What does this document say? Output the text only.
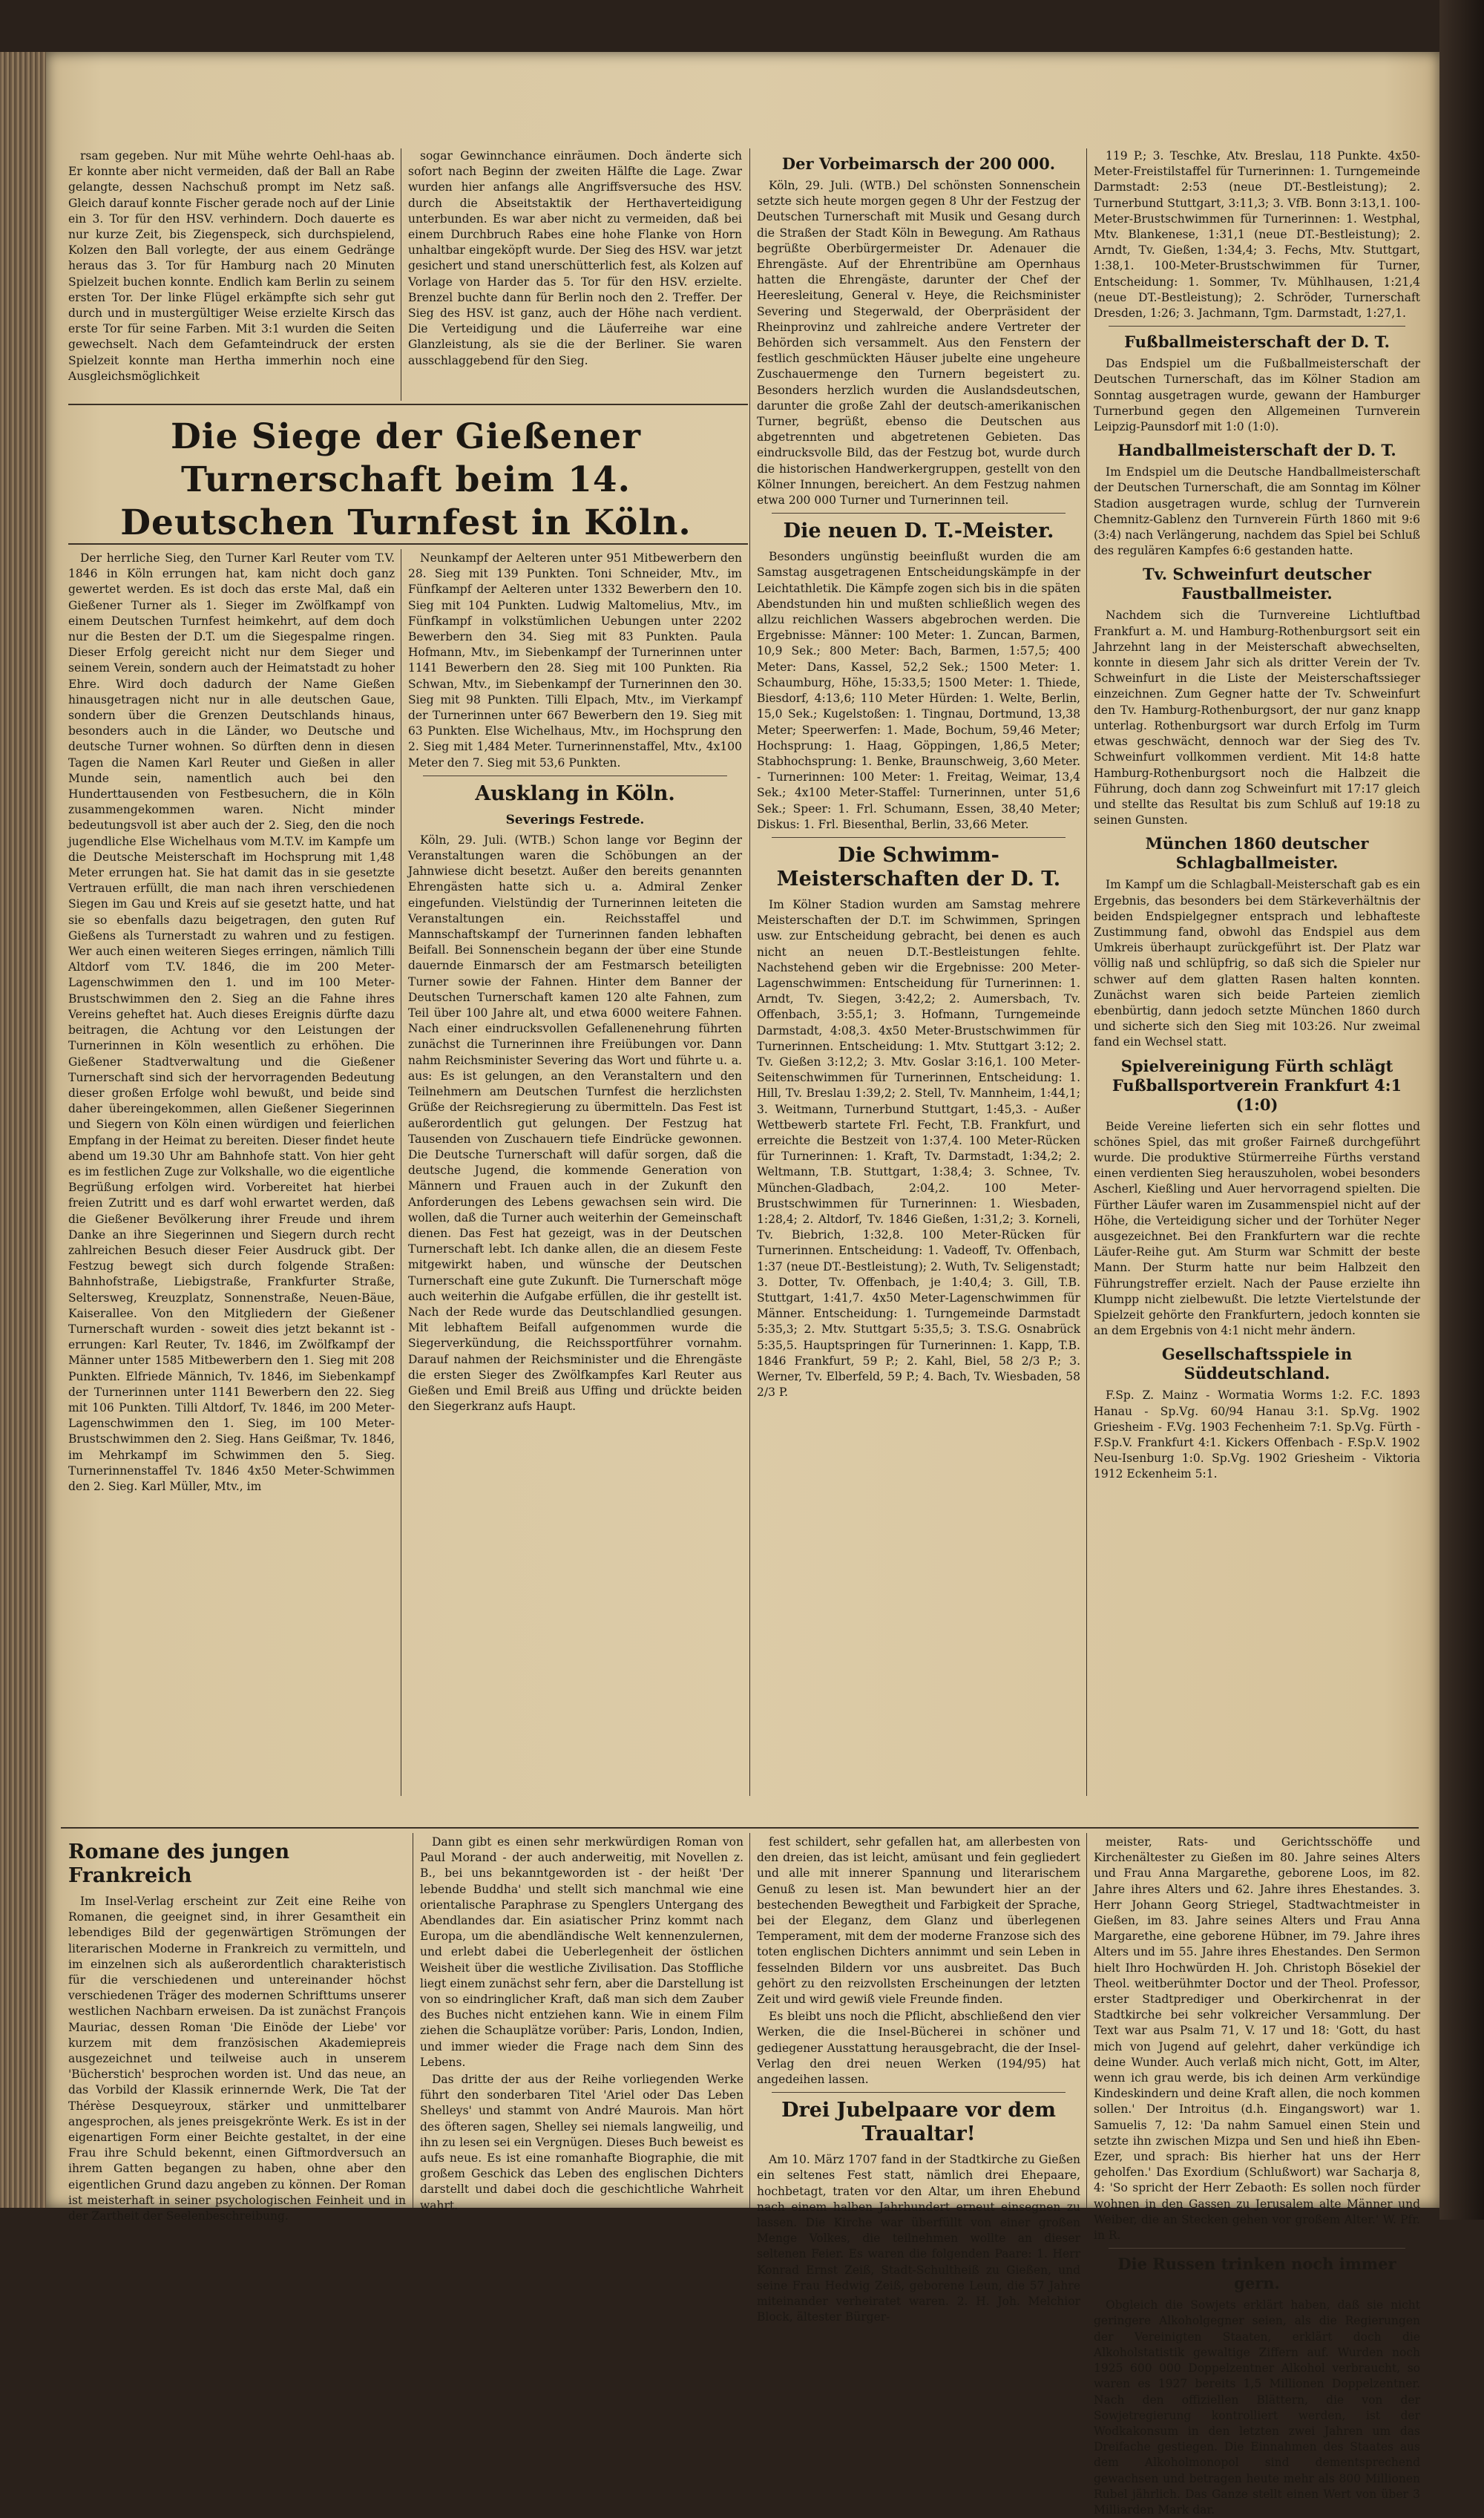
rsam gegeben. Nur mit Mühe wehrte Oehl-haas ab. Er konnte aber nicht vermeiden, daß der Ball an Rabe gelangte, dessen Nachschuß prompt im Netz saß. Gleich darauf konnte Fischer gerade noch auf der Linie ein 3. Tor für den HSV. verhindern. Doch dauerte es nur kurze Zeit, bis Ziegenspeck, sich durchspielend, Kolzen den Ball vorlegte, der aus einem Gedränge heraus das 3. Tor für Hamburg nach 20 Minuten Spielzeit buchen konnte. Endlich kam Berlin zu seinem ersten Tor. Der linke Flügel erkämpfte sich sehr gut durch und in mustergültiger Weise erzielte Kirsch das erste Tor für seine Farben. Mit 3:1 wurden die Seiten gewechselt. Nach dem Gefamteindruck der ersten Spielzeit konnte man Hertha immerhin noch eine Ausgleichsmöglichkeit

sogar Gewinnchance einräumen. Doch änderte sich sofort nach Beginn der zweiten Hälfte die Lage. Zwar wurden hier anfangs alle Angriffsversuche des HSV. durch die Abseitstaktik der Herthaverteidigung unterbunden. Es war aber nicht zu vermeiden, daß bei einem Durchbruch Rabes eine hohe Flanke von Horn unhaltbar eingeköpft wurde. Der Sieg des HSV. war jetzt gesichert und stand unerschütterlich fest, als Kolzen auf Vorlage von Harder das 5. Tor für den HSV. erzielte. Brenzel buchte dann für Berlin noch den 2. Treffer. Der Sieg des HSV. ist ganz, auch der Höhe nach verdient. Die Verteidigung und die Läuferreihe war eine Glanzleistung, als sie die der Berliner. Sie waren ausschlaggebend für den Sieg.

Die Siege der Gießener Turnerschaft beim 14. Deutschen Turnfest in Köln.

Der herrliche Sieg, den Turner Karl Reuter vom T.V. 1846 in Köln errungen hat, kam nicht doch ganz gewertet werden. Es ist doch das erste Mal, daß ein Gießener Turner als 1. Sieger im Zwölfkampf von einem Deutschen Turnfest heimkehrt, auf dem doch nur die Besten der D.T. um die Siegespalme ringen. Dieser Erfolg gereicht nicht nur dem Sieger und seinem Verein, sondern auch der Heimatstadt zu hoher Ehre. Wird doch dadurch der Name Gießen hinausgetragen nicht nur in alle deutschen Gaue, sondern über die Grenzen Deutschlands hinaus, besonders auch in die Länder, wo Deutsche und deutsche Turner wohnen. So dürften denn in diesen Tagen die Namen Karl Reuter und Gießen in aller Munde sein, namentlich auch bei den Hunderttausenden von Festbesuchern, die in Köln zusammengekommen waren. Nicht minder bedeutungsvoll ist aber auch der 2. Sieg, den die noch jugendliche Else Wichelhaus vom M.T.V. im Kampfe um die Deutsche Meisterschaft im Hochsprung mit 1,48 Meter errungen hat. Sie hat damit das in sie gesetzte Vertrauen erfüllt, die man nach ihren verschiedenen Siegen im Gau und Kreis auf sie gesetzt hatte, und hat sie so ebenfalls dazu beigetragen, den guten Ruf Gießens als Turnerstadt zu wahren und zu festigen. Wer auch einen weiteren Sieges erringen, nämlich Tilli Altdorf vom T.V. 1846, die im 200 Meter-Lagenschwimmen den 1. und im 100 Meter-Brustschwimmen den 2. Sieg an die Fahne ihres Vereins geheftet hat. Auch dieses Ereignis dürfte dazu beitragen, die Achtung vor den Leistungen der Turnerinnen in Köln wesentlich zu erhöhen. Die Gießener Stadtverwaltung und die Gießener Turnerschaft sind sich der hervorragenden Bedeutung dieser großen Erfolge wohl bewußt, und beide sind daher übereingekommen, allen Gießener Siegerinnen und Siegern von Köln einen würdigen und feierlichen Empfang in der Heimat zu bereiten. Dieser findet heute abend um 19.30 Uhr am Bahnhofe statt. Von hier geht es im festlichen Zuge zur Volkshalle, wo die eigentliche Begrüßung erfolgen wird. Vorbereitet hat hierbei freien Zutritt und es darf wohl erwartet werden, daß die Gießener Bevölkerung ihrer Freude und ihrem Danke an ihre Siegerinnen und Siegern durch recht zahlreichen Besuch dieser Feier Ausdruck gibt. Der Festzug bewegt sich durch folgende Straßen: Bahnhofstraße, Liebigstraße, Frankfurter Straße, Seltersweg, Kreuzplatz, Sonnenstraße, Neuen-Bäue, Kaiserallee. Von den Mitgliedern der Gießener Turnerschaft wurden - soweit dies jetzt bekannt ist - errungen: Karl Reuter, Tv. 1846, im Zwölfkampf der Männer unter 1585 Mitbewerbern den 1. Sieg mit 208 Punkten. Elfriede Männich, Tv. 1846, im Siebenkampf der Turnerinnen unter 1141 Bewerbern den 22. Sieg mit 106 Punkten. Tilli Altdorf, Tv. 1846, im 200 Meter-Lagenschwimmen den 1. Sieg, im 100 Meter-Brustschwimmen den 2. Sieg. Hans Geißmar, Tv. 1846, im Mehrkampf im Schwimmen den 5. Sieg. Turnerinnenstaffel Tv. 1846 4x50 Meter-Schwimmen den 2. Sieg. Karl Müller, Mtv., im

Neunkampf der Aelteren unter 951 Mitbewerbern den 28. Sieg mit 139 Punkten. Toni Schneider, Mtv., im Fünfkampf der Aelteren unter 1332 Bewerbern den 10. Sieg mit 104 Punkten. Ludwig Maltomelius, Mtv., im Fünfkampf in volkstümlichen Uebungen unter 2202 Bewerbern den 34. Sieg mit 83 Punkten. Paula Hofmann, Mtv., im Siebenkampf der Turnerinnen unter 1141 Bewerbern den 28. Sieg mit 100 Punkten. Ria Schwan, Mtv., im Siebenkampf der Turnerinnen den 30. Sieg mit 98 Punkten. Tilli Elpach, Mtv., im Vierkampf der Turnerinnen unter 667 Bewerbern den 19. Sieg mit 63 Punkten. Else Wichelhaus, Mtv., im Hochsprung den 2. Sieg mit 1,484 Meter. Turnerinnenstaffel, Mtv., 4x100 Meter den 7. Sieg mit 53,6 Punkten.

Ausklang in Köln.
Severings Festrede.

Köln, 29. Juli. (WTB.) Schon lange vor Beginn der Veranstaltungen waren die Schöbungen an der Jahnwiese dicht besetzt. Außer den bereits genannten Ehrengästen hatte sich u. a. Admiral Zenker eingefunden. Vielstündig der Turnerinnen leiteten die Veranstaltungen ein. Reichsstaffel und Mannschaftskampf der Turnerinnen fanden lebhaften Beifall. Bei Sonnenschein begann der über eine Stunde dauernde Einmarsch der am Festmarsch beteiligten Turner sowie der Fahnen. Hinter dem Banner der Deutschen Turnerschaft kamen 120 alte Fahnen, zum Teil über 100 Jahre alt, und etwa 6000 weitere Fahnen. Nach einer eindrucksvollen Gefallenenehrung führten zunächst die Turnerinnen ihre Freiübungen vor. Dann nahm Reichsminister Severing das Wort und führte u. a. aus: Es ist gelungen, an den Veranstaltern und den Teilnehmern am Deutschen Turnfest die herzlichsten Grüße der Reichsregierung zu übermitteln. Das Fest ist außerordentlich gut gelungen. Der Festzug hat Tausenden von Zuschauern tiefe Eindrücke gewonnen. Die Deutsche Turnerschaft will dafür sorgen, daß die deutsche Jugend, die kommende Generation von Männern und Frauen auch in der Zukunft den Anforderungen des Lebens gewachsen sein wird. Die wollen, daß die Turner auch weiterhin der Gemeinschaft dienen. Das Fest hat gezeigt, was in der Deutschen Turnerschaft lebt. Ich danke allen, die an diesem Feste mitgewirkt haben, und wünsche der Deutschen Turnerschaft eine gute Zukunft. Die Turnerschaft möge auch weiterhin die Aufgabe erfüllen, die ihr gestellt ist. Nach der Rede wurde das Deutschlandlied gesungen. Mit lebhaftem Beifall aufgenommen wurde die Siegerverkündung, die Reichssportführer vornahm. Darauf nahmen der Reichsminister und die Ehrengäste die ersten Sieger des Zwölfkampfes Karl Reuter aus Gießen und Emil Breiß aus Uffing und drückte beiden den Siegerkranz aufs Haupt.

Der Vorbeimarsch der 200 000.

Köln, 29. Juli. (WTB.) Del schönsten Sonnenschein setzte sich heute morgen gegen 8 Uhr der Festzug der Deutschen Turnerschaft mit Musik und Gesang durch die Straßen der Stadt Köln in Bewegung. Am Rathaus begrüßte Oberbürgermeister Dr. Adenauer die Ehrengäste. Auf der Ehrentribüne am Opernhaus hatten die Ehrengäste, darunter der Chef der Heeresleitung, General v. Heye, die Reichsminister Severing und Stegerwald, der Oberpräsident der Rheinprovinz und zahlreiche andere Vertreter der Behörden sich versammelt. Aus den Fenstern der festlich geschmückten Häuser jubelte eine ungeheure Zuschauermenge den Turnern begeistert zu. Besonders herzlich wurden die Auslandsdeutschen, darunter die große Zahl der deutsch-amerikanischen Turner, begrüßt, ebenso die Deutschen aus abgetrennten und abgetretenen Gebieten. Das eindrucksvolle Bild, das der Festzug bot, wurde durch die historischen Handwerkergruppen, gestellt von den Kölner Innungen, bereichert. An dem Festzug nahmen etwa 200 000 Turner und Turnerinnen teil.

Die neuen D. T.-Meister.

Besonders ungünstig beeinflußt wurden die am Samstag ausgetragenen Entscheidungskämpfe in der Leichtathletik. Die Kämpfe zogen sich bis in die späten Abendstunden hin und mußten schließlich wegen des allzu reichlichen Wassers abgebrochen werden. Die Ergebnisse: Männer: 100 Meter: 1. Zuncan, Barmen, 10,9 Sek.; 800 Meter: Bach, Barmen, 1:57,5; 400 Meter: Dans, Kassel, 52,2 Sek.; 1500 Meter: 1. Schaumburg, Höhe, 15:33,5; 1500 Meter: 1. Thiede, Biesdorf, 4:13,6; 110 Meter Hürden: 1. Welte, Berlin, 15,0 Sek.; Kugelstoßen: 1. Tingnau, Dortmund, 13,38 Meter; Speerwerfen: 1. Made, Bochum, 59,46 Meter; Hochsprung: 1. Haag, Göppingen, 1,86,5 Meter; Stabhochsprung: 1. Benke, Braunschweig, 3,60 Meter. - Turnerinnen: 100 Meter: 1. Freitag, Weimar, 13,4 Sek.; 4x100 Meter-Staffel: Turnerinnen, unter 51,6 Sek.; Speer: 1. Frl. Schumann, Essen, 38,40 Meter; Diskus: 1. Frl. Biesenthal, Berlin, 33,66 Meter.

Die Schwimm-Meisterschaften der D. T.

Im Kölner Stadion wurden am Samstag mehrere Meisterschaften der D.T. im Schwimmen, Springen usw. zur Entscheidung gebracht, bei denen es auch nicht an neuen D.T.-Bestleistungen fehlte. Nachstehend geben wir die Ergebnisse: 200 Meter-Lagenschwimmen: Entscheidung für Turnerinnen: 1. Arndt, Tv. Siegen, 3:42,2; 2. Aumersbach, Tv. Offenbach, 3:55,1; 3. Hofmann, Turngemeinde Darmstadt, 4:08,3. 4x50 Meter-Brustschwimmen für Turnerinnen. Entscheidung: 1. Mtv. Stuttgart 3:12; 2. Tv. Gießen 3:12,2; 3. Mtv. Goslar 3:16,1. 100 Meter-Seitenschwimmen für Turnerinnen, Entscheidung: 1. Hill, Tv. Breslau 1:39,2; 2. Stell, Tv. Mannheim, 1:44,1; 3. Weitmann, Turnerbund Stuttgart, 1:45,3. - Außer Wettbewerb startete Frl. Fecht, T.B. Frankfurt, und erreichte die Bestzeit von 1:37,4. 100 Meter-Rücken für Turnerinnen: 1. Kraft, Tv. Darmstadt, 1:34,2; 2. Weltmann, T.B. Stuttgart, 1:38,4; 3. Schnee, Tv. München-Gladbach, 2:04,2. 100 Meter-Brustschwimmen für Turnerinnen: 1. Wiesbaden, 1:28,4; 2. Altdorf, Tv. 1846 Gießen, 1:31,2; 3. Korneli, Tv. Biebrich, 1:32,8. 100 Meter-Rücken für Turnerinnen. Entscheidung: 1. Vadeoff, Tv. Offenbach, 1:37 (neue DT.-Bestleistung); 2. Wuth, Tv. Seligenstadt; 3. Dotter, Tv. Offenbach, je 1:40,4; 3. Gill, T.B. Stuttgart, 1:41,7. 4x50 Meter-Lagenschwimmen für Männer. Entscheidung: 1. Turngemeinde Darmstadt 5:35,3; 2. Mtv. Stuttgart 5:35,5; 3. T.S.G. Osnabrück 5:35,5. Hauptspringen für Turnerinnen: 1. Kapp, T.B. 1846 Frankfurt, 59 P.; 2. Kahl, Biel, 58 2/3 P.; 3. Werner, Tv. Elberfeld, 59 P.; 4. Bach, Tv. Wiesbaden, 58 2/3 P.

119 P.; 3. Teschke, Atv. Breslau, 118 Punkte. 4x50-Meter-Freistilstaffel für Turnerinnen: 1. Turngemeinde Darmstadt: 2:53 (neue DT.-Bestleistung); 2. Turnerbund Stuttgart, 3:11,3; 3. VfB. Bonn 3:13,1. 100-Meter-Brustschwimmen für Turnerinnen: 1. Westphal, Mtv. Blankenese, 1:31,1 (neue DT.-Bestleistung); 2. Arndt, Tv. Gießen, 1:34,4; 3. Fechs, Mtv. Stuttgart, 1:38,1. 100-Meter-Brustschwimmen für Turner, Entscheidung: 1. Sommer, Tv. Mühlhausen, 1:21,4 (neue DT.-Bestleistung); 2. Schröder, Turnerschaft Dresden, 1:26; 3. Jachmann, Tgm. Darmstadt, 1:27,1.

Fußballmeisterschaft der D. T.

Das Endspiel um die Fußballmeisterschaft der Deutschen Turnerschaft, das im Kölner Stadion am Sonntag ausgetragen wurde, gewann der Hamburger Turnerbund gegen den Allgemeinen Turnverein Leipzig-Paunsdorf mit 1:0 (1:0).

Handballmeisterschaft der D. T.

Im Endspiel um die Deutsche Handballmeisterschaft der Deutschen Turnerschaft, die am Sonntag im Kölner Stadion ausgetragen wurde, schlug der Turnverein Chemnitz-Gablenz den Turnverein Fürth 1860 mit 9:6 (3:4) nach Verlängerung, nachdem das Spiel bei Schluß des regulären Kampfes 6:6 gestanden hatte.

Tv. Schweinfurt deutscher Faustballmeister.

Nachdem sich die Turnvereine Lichtluftbad Frankfurt a. M. und Hamburg-Rothenburgsort seit ein Jahrzehnt lang in der Meisterschaft abwechselten, konnte in diesem Jahr sich als dritter Verein der Tv. Schweinfurt in die Liste der Meisterschaftssieger einzeichnen. Zum Gegner hatte der Tv. Schweinfurt den Tv. Hamburg-Rothenburgsort, der nur ganz knapp unterlag. Rothenburgsort war durch Erfolg im Turm etwas geschwächt, dennoch war der Sieg des Tv. Schweinfurt vollkommen verdient. Mit 14:8 hatte Hamburg-Rothenburgsort noch die Halbzeit die Führung, doch dann zog Schweinfurt mit 17:17 gleich und stellte das Resultat bis zum Schluß auf 19:18 zu seinen Gunsten.

München 1860 deutscher Schlagballmeister.

Im Kampf um die Schlagball-Meisterschaft gab es ein Ergebnis, das besonders bei dem Stärkeverhältnis der beiden Endspielgegner entsprach und lebhafteste Zustimmung fand, obwohl das Endspiel aus dem Umkreis überhaupt zurückgeführt ist. Der Platz war völlig naß und schlüpfrig, so daß sich die Spieler nur schwer auf dem glatten Rasen halten konnten. Zunächst waren sich beide Parteien ziemlich ebenbürtig, dann jedoch setzte München 1860 durch und sicherte sich den Sieg mit 103:26. Nur zweimal fand ein Wechsel statt.

Spielvereinigung Fürth schlägt Fußballsportverein Frankfurt 4:1 (1:0)

Beide Vereine lieferten sich ein sehr flottes und schönes Spiel, das mit großer Fairneß durchgeführt wurde. Die produktive Stürmerreihe Fürths verstand einen verdienten Sieg herauszuholen, wobei besonders Ascherl, Kießling und Auer hervorragend spielten. Die Fürther Läufer waren im Zusammenspiel nicht auf der Höhe, die Verteidigung sicher und der Torhüter Neger ausgezeichnet. Bei den Frankfurtern war die rechte Läufer-Reihe gut. Am Sturm war Schmitt der beste Mann. Der Sturm hatte nur beim Halbzeit den Führungstreffer erzielt. Nach der Pause erzielte ihn Klumpp nicht zielbewußt. Die letzte Viertelstunde der Spielzeit gehörte den Frankfurtern, jedoch konnten sie an dem Ergebnis von 4:1 nicht mehr ändern.

Gesellschaftsspiele in Süddeutschland.

F.Sp. Z. Mainz - Wormatia Worms 1:2. F.C. 1893 Hanau - Sp.Vg. 60/94 Hanau 3:1. Sp.Vg. 1902 Griesheim - F.Vg. 1903 Fechenheim 7:1. Sp.Vg. Fürth - F.Sp.V. Frankfurt 4:1. Kickers Offenbach - F.Sp.V. 1902 Neu-Isenburg 1:0. Sp.Vg. 1902 Griesheim - Viktoria 1912 Eckenheim 5:1.

Romane des jungen Frankreich

Im Insel-Verlag erscheint zur Zeit eine Reihe von Romanen, die geeignet sind, in ihrer Gesamtheit ein lebendiges Bild der gegenwärtigen Strömungen der literarischen Moderne in Frankreich zu vermitteln, und im einzelnen sich als außerordentlich charakteristisch für die verschiedenen und untereinander höchst verschiedenen Träger des modernen Schrifttums unserer westlichen Nachbarn erweisen. Da ist zunächst François Mauriac, dessen Roman 'Die Einöde der Liebe' vor kurzem mit dem französischen Akademiepreis ausgezeichnet und teilweise auch in unserem 'Bücherstich' besprochen worden ist. Und das neue, an das Vorbild der Klassik erinnernde Werk, Die Tat der Thérèse Desqueyroux, stärker und unmittelbarer angesprochen, als jenes preisgekrönte Werk. Es ist in der eigenartigen Form einer Beichte gestaltet, in der eine Frau ihre Schuld bekennt, einen Giftmordversuch an ihrem Gatten begangen zu haben, ohne aber den eigentlichen Grund dazu angeben zu können. Der Roman ist meisterhaft in seiner psychologischen Feinheit und in der Zartheit der Seelenbeschreibung.

Dann gibt es einen sehr merkwürdigen Roman von Paul Morand - der auch anderweitig, mit Novellen z. B., bei uns bekanntgeworden ist - der heißt 'Der lebende Buddha' und stellt sich manchmal wie eine orientalische Paraphrase zu Spenglers Untergang des Abendlandes dar. Ein asiatischer Prinz kommt nach Europa, um die abendländische Welt kennenzulernen, und erlebt dabei die Ueberlegenheit der östlichen Weisheit über die westliche Zivilisation. Das Stoffliche liegt einem zunächst sehr fern, aber die Darstellung ist von so eindringlicher Kraft, daß man sich dem Zauber des Buches nicht entziehen kann. Wie in einem Film ziehen die Schauplätze vorüber: Paris, London, Indien, und immer wieder die Frage nach dem Sinn des Lebens.

Das dritte der aus der Reihe vorliegenden Werke führt den sonderbaren Titel 'Ariel oder Das Leben Shelleys' und stammt von André Maurois. Man hört des öfteren sagen, Shelley sei niemals langweilig, und ihn zu lesen sei ein Vergnügen. Dieses Buch beweist es aufs neue. Es ist eine romanhafte Biographie, die mit großem Geschick das Leben des englischen Dichters darstellt und dabei doch die geschichtliche Wahrheit wahrt.

fest schildert, sehr gefallen hat, am allerbesten von den dreien, das ist leicht, amüsant und fein gegliedert und alle mit innerer Spannung und literarischem Genuß zu lesen ist. Man bewundert hier an der bestechenden Bewegtheit und Farbigkeit der Sprache, bei der Eleganz, dem Glanz und überlegenen Temperament, mit dem der moderne Franzose sich des toten englischen Dichters annimmt und sein Leben in fesselnden Bildern vor uns ausbreitet. Das Buch gehört zu den reizvollsten Erscheinungen der letzten Zeit und wird gewiß viele Freunde finden.

Es bleibt uns noch die Pflicht, abschließend den vier Werken, die die Insel-Bücherei in schöner und gediegener Ausstattung herausgebracht, die der Insel-Verlag den drei neuen Werken (194/95) hat angedeihen lassen.

Drei Jubelpaare vor dem Traualtar!

Am 10. März 1707 fand in der Stadtkirche zu Gießen ein seltenes Fest statt, nämlich drei Ehepaare, hochbetagt, traten vor den Altar, um ihren Ehebund nach einem halben Jahrhundert erneut einsegnen zu lassen. Die Kirche war überfüllt von einer großen Menge Volkes, die teilnehmen wollte an dieser seltenen Feier. Es waren die folgenden Paare: 1. Herr Konrad Ernst Zeiß, Stadt-Schultheiß zu Gießen, und seine Frau Hedwig Zeiß, geborene Leun, die 57 Jahre miteinander verheiratet waren. 2. H. Joh. Melchior Block, ältester Bürger-

meister, Rats- und Gerichtsschöffe und Kirchenältester zu Gießen im 80. Jahre seines Alters und Frau Anna Margarethe, geborene Loos, im 82. Jahre ihres Alters und 62. Jahre ihres Ehestandes. 3. Herr Johann Georg Striegel, Stadtwachtmeister in Gießen, im 83. Jahre seines Alters und Frau Anna Margarethe, eine geborene Hübner, im 79. Jahre ihres Alters und im 55. Jahre ihres Ehestandes. Den Sermon hielt Ihro Hochwürden H. Joh. Christoph Bösekiel der Theol. weitberühmter Doctor und der Theol. Professor, erster Stadtprediger und Oberkirchenrat in der Stadtkirche bei sehr volkreicher Versammlung. Der Text war aus Psalm 71, V. 17 und 18: 'Gott, du hast mich von Jugend auf gelehrt, daher verkündige ich deine Wunder. Auch verlaß mich nicht, Gott, im Alter, wenn ich grau werde, bis ich deinen Arm verkündige Kindeskindern und deine Kraft allen, die noch kommen sollen.' Der Introitus (d.h. Eingangswort) war 1. Samuelis 7, 12: 'Da nahm Samuel einen Stein und setzte ihn zwischen Mizpa und Sen und hieß ihn Eben-Ezer, und sprach: Bis hierher hat uns der Herr geholfen.' Das Exordium (Schlußwort) war Sacharja 8, 4: 'So spricht der Herr Zebaoth: Es sollen noch fürder wohnen in den Gassen zu Jerusalem alte Männer und Weiber, die an Stecken gehen vor großem Alter.' W. Pfr. in R.

Die Russen trinken noch immer gern.

Obgleich die Sowjets erklärt haben, daß sie nicht geringere Alkoholgegner seien, als die Regierungen der Vereinigten Staaten, erklärt doch die Alkoholstatistik gewaltige Ziffern auf. Wurden noch 1925 600 000 Doppelzentner Alkohol verbraucht, so waren es 1927 bereits 1,5 Millionen Doppelzentner. Nach den offiziellen Blättern, die von der Sowjetregierung kontrolliert werden, ist der Wodkakonsum in den letzten zwei Jahren um das Dreifache gestiegen. Die Einnahmen des Staates aus dem Alkoholmonopol sind dementsprechend gewachsen und betragen heute mehr als 800 Millionen Rubel jährlich. Das Ganze stellt einen Wert von über 3 Milliarden Mark dar.
